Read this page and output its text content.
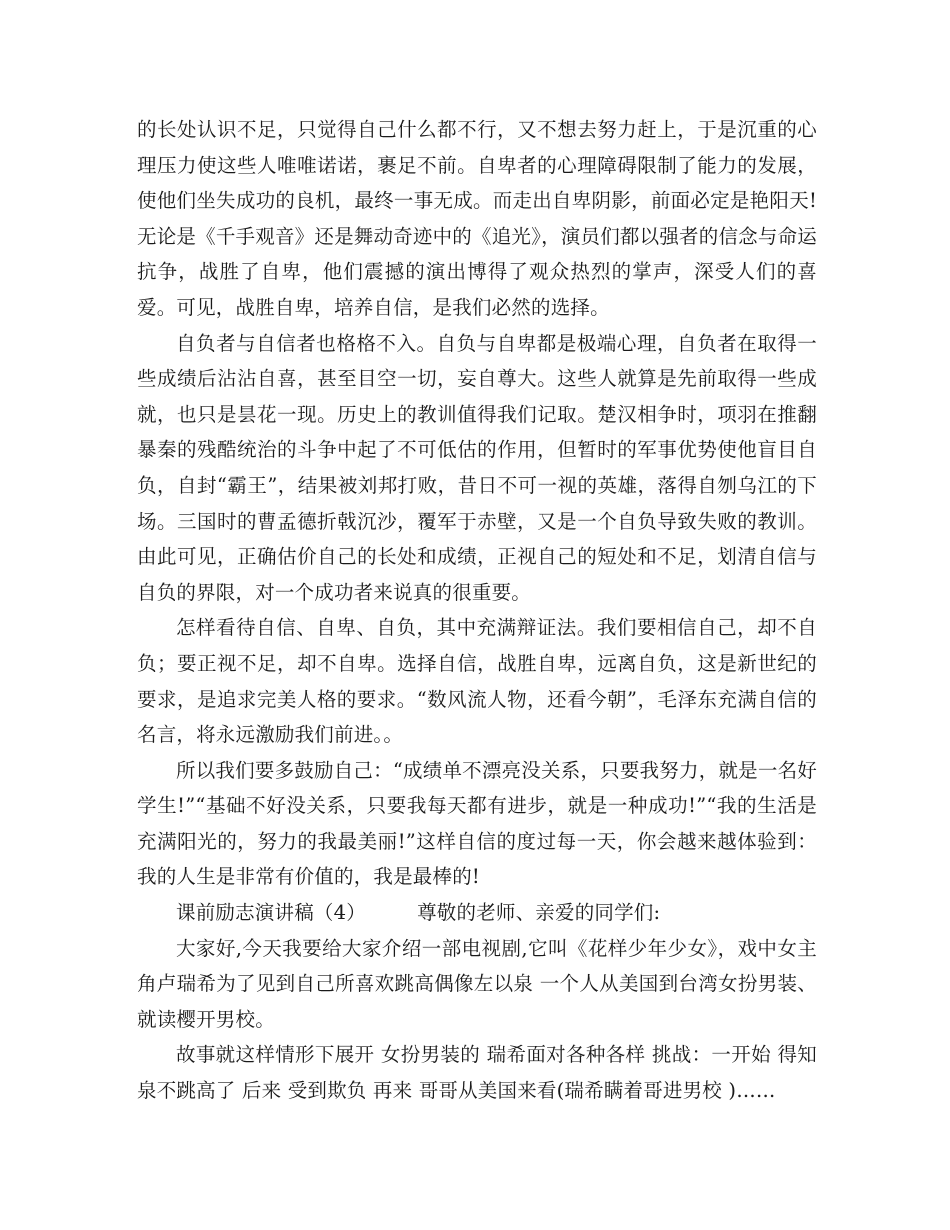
的长处认识不足，只觉得自己什么都不行，又不想去努力赶上，于是沉重的心理压力使这些人唯唯诺诺，裹足不前。自卑者的心理障碍限制了能力的发展，使他们坐失成功的良机，最终一事无成。而走出自卑阴影，前面必定是艳阳天!无论是《千手观音》还是舞动奇迹中的《追光》，演员们都以强者的信念与命运抗争，战胜了自卑，他们震撼的演出博得了观众热烈的掌声，深受人们的喜爱。可见，战胜自卑，培养自信，是我们必然的选择。

自负者与自信者也格格不入。自负与自卑都是极端心理，自负者在取得一些成绩后沾沾自喜，甚至目空一切，妄自尊大。这些人就算是先前取得一些成就，也只是昙花一现。历史上的教训值得我们记取。楚汉相争时，项羽在推翻暴秦的残酷统治的斗争中起了不可低估的作用，但暂时的军事优势使他盲目自负，自封“霸王”，结果被刘邦打败，昔日不可一视的英雄，落得自刎乌江的下场。三国时的曹孟德折戟沉沙，覆军于赤壁，又是一个自负导致失败的教训。由此可见，正确估价自己的长处和成绩，正视自己的短处和不足，划清自信与自负的界限，对一个成功者来说真的很重要。

怎样看待自信、自卑、自负，其中充满辩证法。我们要相信自己，却不自负；要正视不足，却不自卑。选择自信，战胜自卑，远离自负，这是新世纪的要求，是追求完美人格的要求。“数风流人物，还看今朝”，毛泽东充满自信的名言，将永远激励我们前进。。

所以我们要多鼓励自己：“成绩单不漂亮没关系，只要我努力，就是一名好学生!”“基础不好没关系，只要我每天都有进步，就是一种成功!”“我的生活是充满阳光的，努力的我最美丽!”这样自信的度过每一天，你会越来越体验到：我的人生是非常有价值的，我是最棒的!

课前励志演讲稿（4）        尊敬的老师、亲爱的同学们:

大家好,今天我要给大家介绍一部电视剧,它叫《花样少年少女》，戏中女主角卢瑞希为了见到自己所喜欢跳高偶像左以泉 一个人从美国到台湾女扮男装、就读樱开男校。

故事就这样情形下展开 女扮男装的 瑞希面对各种各样 挑战：一开始 得知泉不跳高了 后来 受到欺负 再来 哥哥从美国来看(瑞希瞒着哥进男校 )……
